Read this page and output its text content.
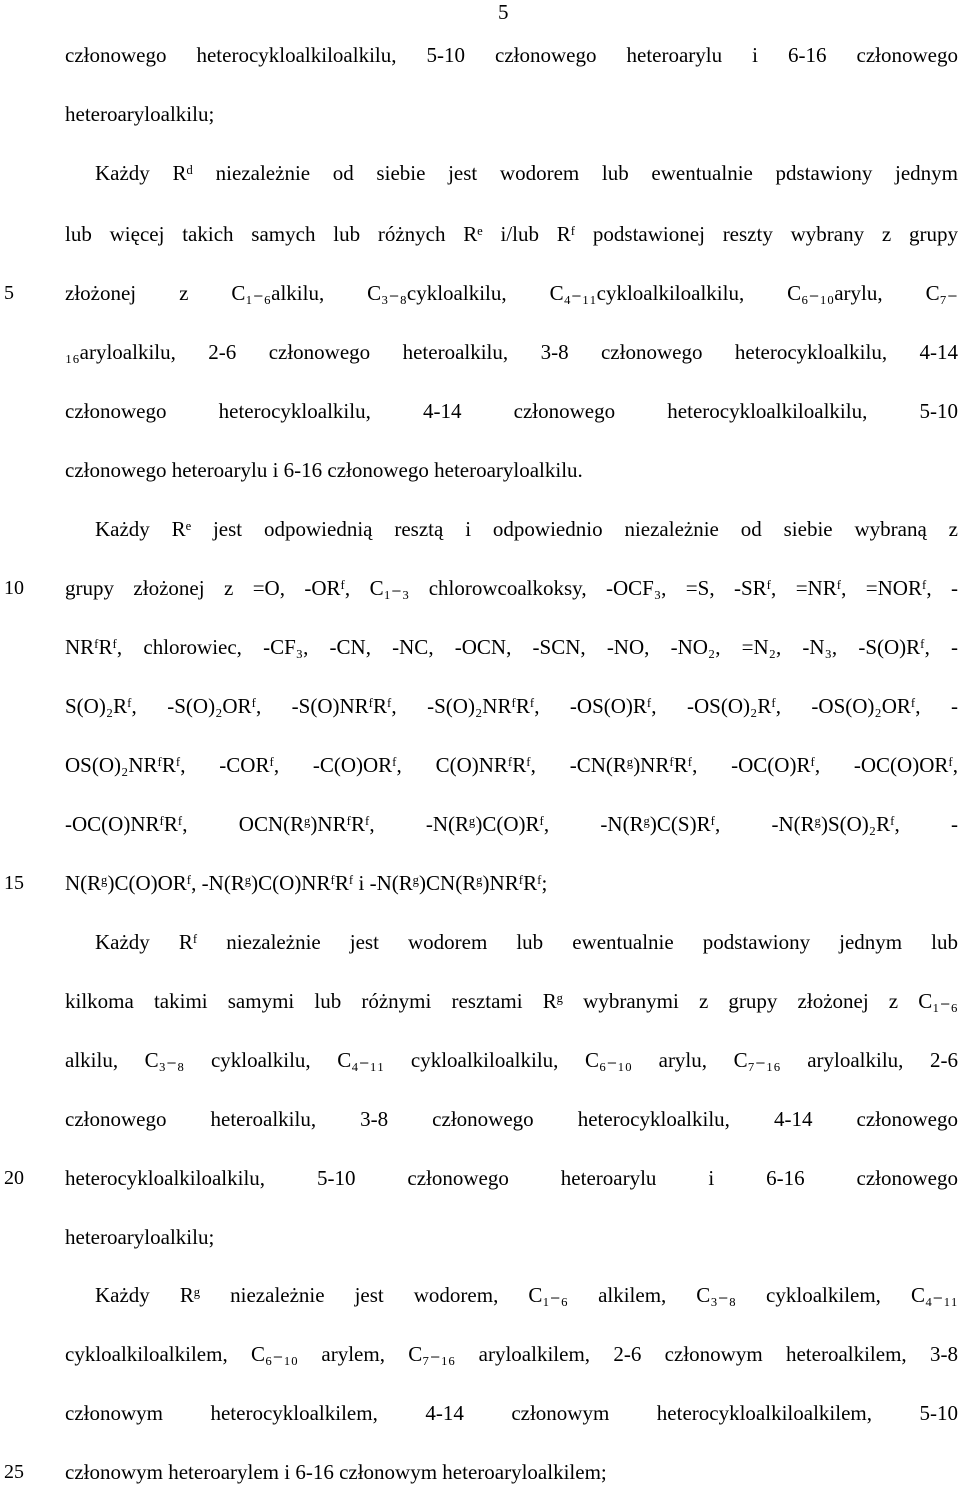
5
5
10
15
20
25
członowego heterocykloalkiloalkilu, 5-10 członowego heteroarylu i 6-16 członowego
heteroaryloalkilu;
Każdy Rᵈ niezależnie od siebie jest wodorem lub ewentualnie pdstawiony jednym
lub więcej takich samych lub różnych Rᵉ i/lub Rᶠ podstawionej reszty wybrany z grupy
złożonej z C₁₋₆alkilu, C₃₋₈cykloalkilu, C₄₋₁₁cykloalkiloalkilu, C₆₋₁₀arylu, C₇₋
₁₆aryloalkilu, 2-6 członowego heteroalkilu, 3-8 członowego heterocykloalkilu, 4-14
członowego heterocykloalkilu, 4-14 członowego heterocykloalkiloalkilu, 5-10
członowego heteroarylu i 6-16 członowego heteroaryloalkilu.
Każdy Rᵉ jest odpowiednią resztą i odpowiednio niezależnie od siebie wybraną z
grupy złożonej z =O, -ORᶠ, C₁₋₃ chlorowcoalkoksy, -OCF₃, =S, -SRᶠ, =NRᶠ, =NORᶠ, -
NRᶠRᶠ, chlorowiec, -CF₃, -CN, -NC, -OCN, -SCN, -NO, -NO₂, =N₂, -N₃, -S(O)Rᶠ, -
S(O)₂Rᶠ, -S(O)₂ORᶠ, -S(O)NRᶠRᶠ, -S(O)₂NRᶠRᶠ, -OS(O)Rᶠ, -OS(O)₂Rᶠ, -OS(O)₂ORᶠ, -
OS(O)₂NRᶠRᶠ, -CORᶠ, -C(O)ORᶠ, C(O)NRᶠRᶠ, -CN(Rᵍ)NRᶠRᶠ, -OC(O)Rᶠ, -OC(O)ORᶠ,
-OC(O)NRᶠRᶠ, OCN(Rᵍ)NRᶠRᶠ, -N(Rᵍ)C(O)Rᶠ, -N(Rᵍ)C(S)Rᶠ, -N(Rᵍ)S(O)₂Rᶠ, -
N(Rᵍ)C(O)ORᶠ, -N(Rᵍ)C(O)NRᶠRᶠ i -N(Rᵍ)CN(Rᵍ)NRᶠRᶠ;
Każdy Rᶠ niezależnie jest wodorem lub ewentualnie podstawiony jednym lub
kilkoma takimi samymi lub różnymi resztami Rᵍ wybranymi z grupy złożonej z C₁₋₆
alkilu, C₃₋₈ cykloalkilu, C₄₋₁₁ cykloalkiloalkilu, C₆₋₁₀ arylu, C₇₋₁₆ aryloalkilu, 2-6
członowego heteroalkilu, 3-8 członowego heterocykloalkilu, 4-14 członowego
heterocykloalkiloalkilu, 5-10 członowego heteroarylu i 6-16 członowego
heteroaryloalkilu;
Każdy Rᵍ niezależnie jest wodorem, C₁₋₆ alkilem, C₃₋₈ cykloalkilem, C₄₋₁₁
cykloalkiloalkilem, C₆₋₁₀ arylem, C₇₋₁₆ aryloalkilem, 2-6 członowym heteroalkilem, 3-8
członowym heterocykloalkilem, 4-14 członowym heterocykloalkiloalkilem, 5-10
członowym heteroarylem i 6-16 członowym heteroaryloalkilem;
